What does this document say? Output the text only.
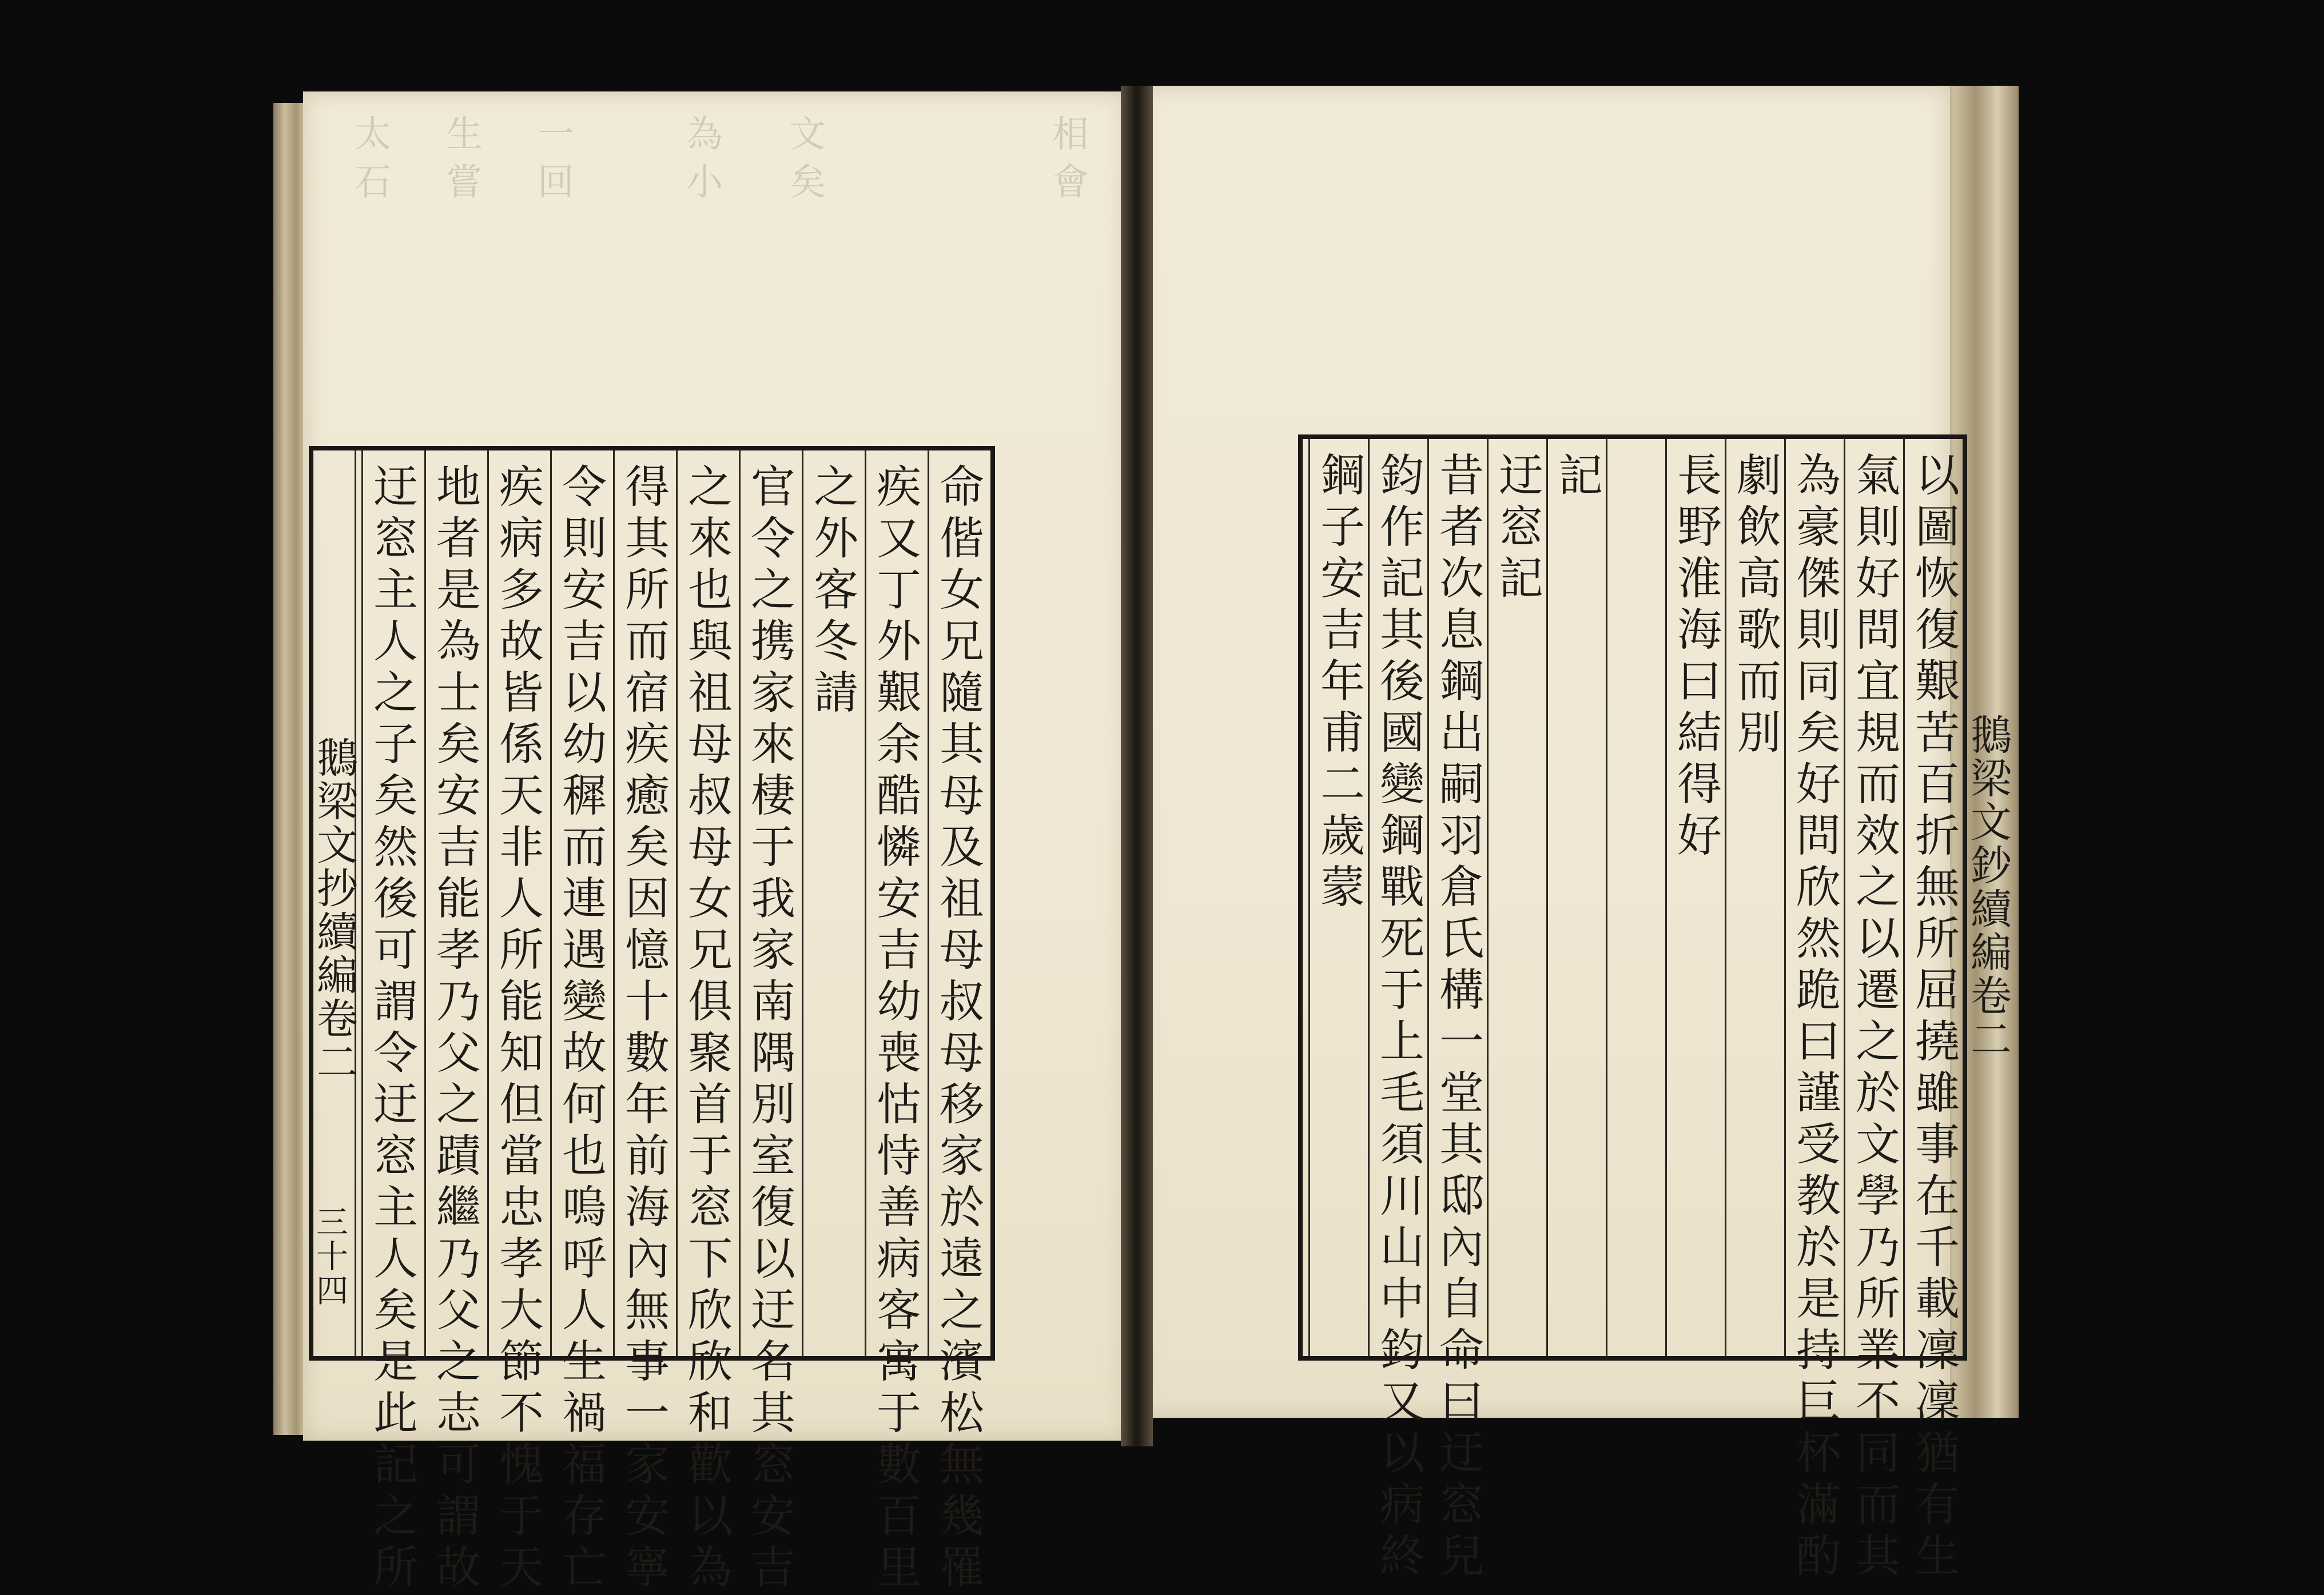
太石 生嘗 一回	為小 文矣	相會
鵝梁文抄續編卷二
三十四	命偕女兄隨其母及祖母叔母移家於遠之濱松無幾罹
疾又丁外艱余酷憐安吉幼喪怙恃善病客寓于數百里
之外客冬請
官令之携家來棲于我家南隅別室復以迂名其窓安吉
之來也與祖母叔母女兄俱聚首于窓下欣欣和歡以為
得其所而宿疾癒矣因憶十數年前海內無事一家安寧
令則安吉以幼穉而連遇變故何也嗚呼人生禍福存亡
疾病多故皆係天非人所能知但當忠孝大節不愧于天
地者是為士矣安吉能孝乃父之蹟繼乃父之志可謂故
迂窓主人之子矣然後可謂令迂窓主人矣是此記之所	以圖恢復艱苦百折無所屈撓雖事在千載凜凜猶有生
氣則好問宜規而效之以遷之於文學乃所業不同而其
為豪傑則同矣好問欣然跪曰謹受教於是持巨杯滿酌
劇飲高歌而別
長野淮海曰結得好
記
迂窓記
昔者次息鋼出嗣羽倉氏構一堂其邸內自命曰迂窓兒
鈞作記其後國變鋼戰死于上毛須川山中鈞又以病終
鋼子安吉年甫二歲蒙	鵝梁文鈔續編卷二
